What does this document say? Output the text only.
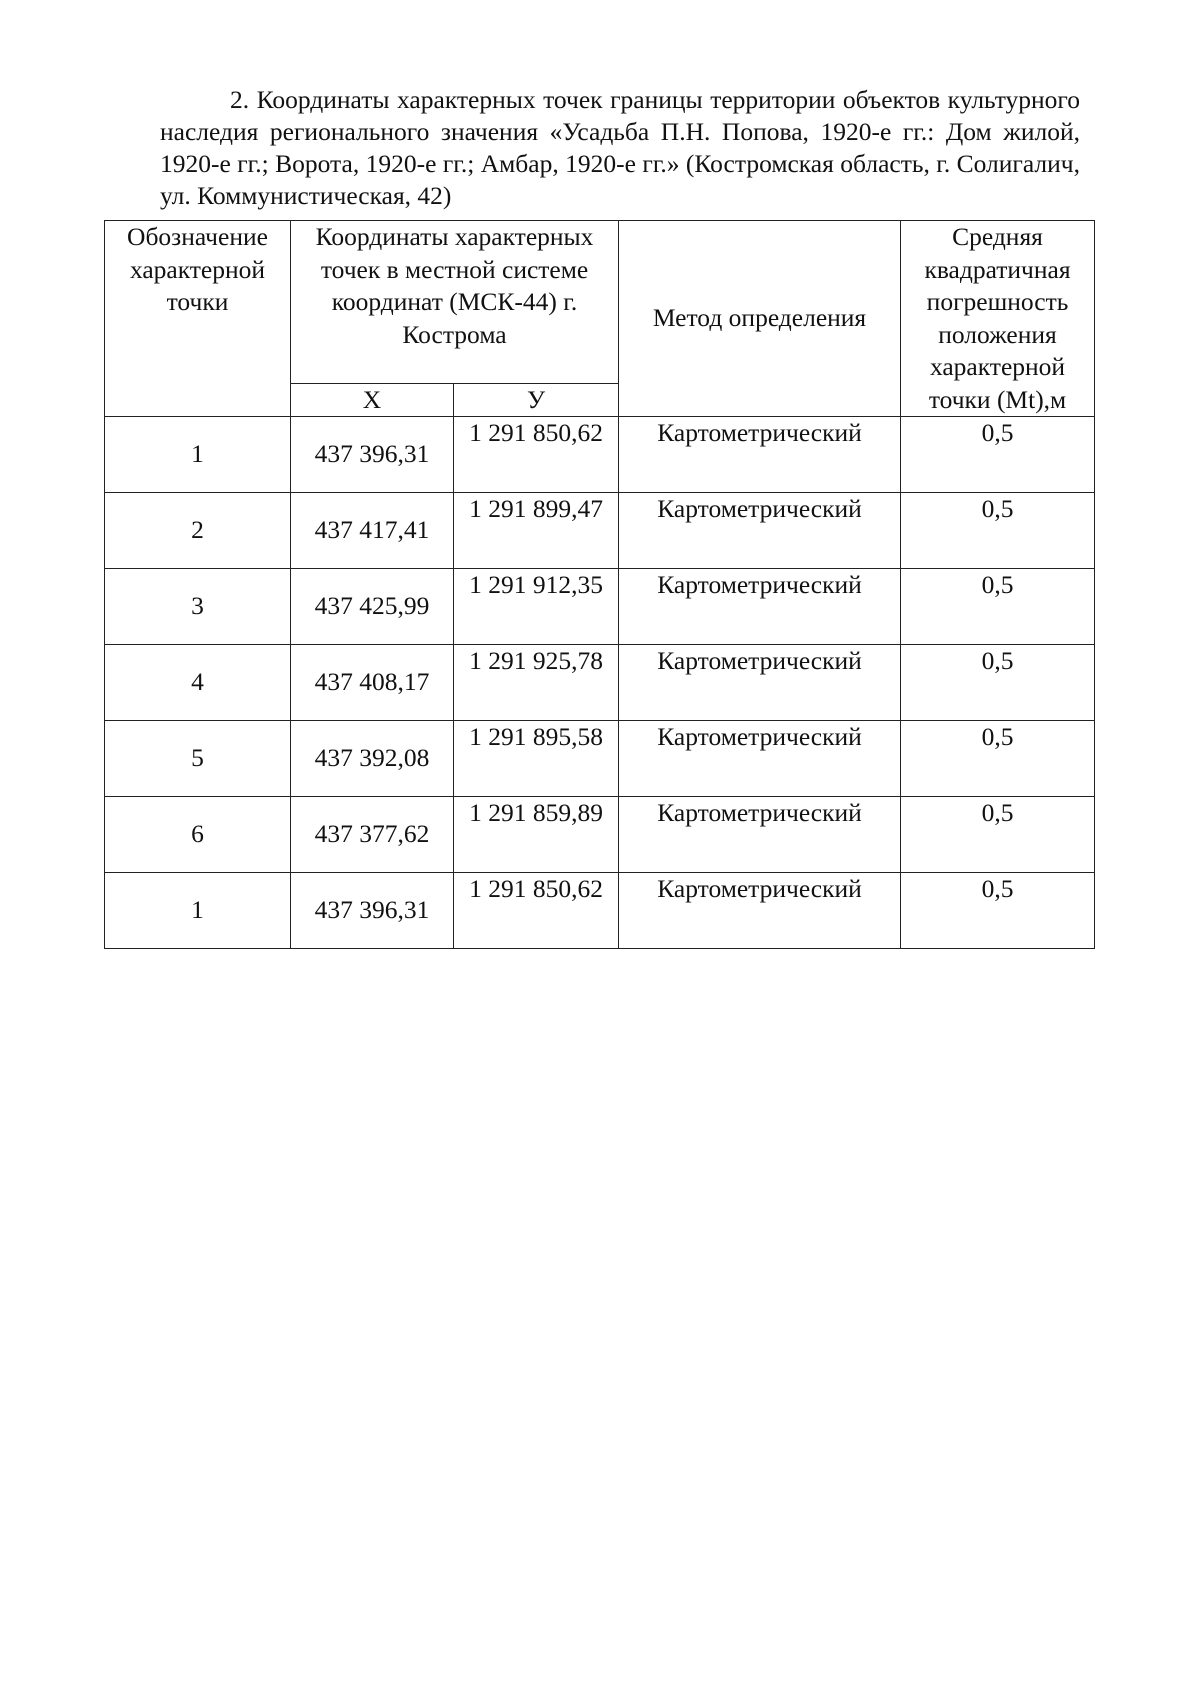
2. Координаты характерных точек границы территории объектов культурного наследия регионального значения «Усадьба П.Н. Попова, 1920-е гг.: Дом жилой, 1920-е гг.; Ворота, 1920-е гг.; Амбар, 1920-е гг.» (Костромская область, г. Солигалич, ул. Коммунистическая, 42)

Обозначение характерной точки	Координаты характерных точек в местной системе координат (МСК-44) г. Кострома		Метод определения	Средняя квадратичная погрешность положения характерной точки (Mt),м
	Х	У		
1	437 396,31	1 291 850,62	Картометрический	0,5
2	437 417,41	1 291 899,47	Картометрический	0,5
3	437 425,99	1 291 912,35	Картометрический	0,5
4	437 408,17	1 291 925,78	Картометрический	0,5
5	437 392,08	1 291 895,58	Картометрический	0,5
6	437 377,62	1 291 859,89	Картометрический	0,5
1	437 396,31	1 291 850,62	Картометрический	0,5
